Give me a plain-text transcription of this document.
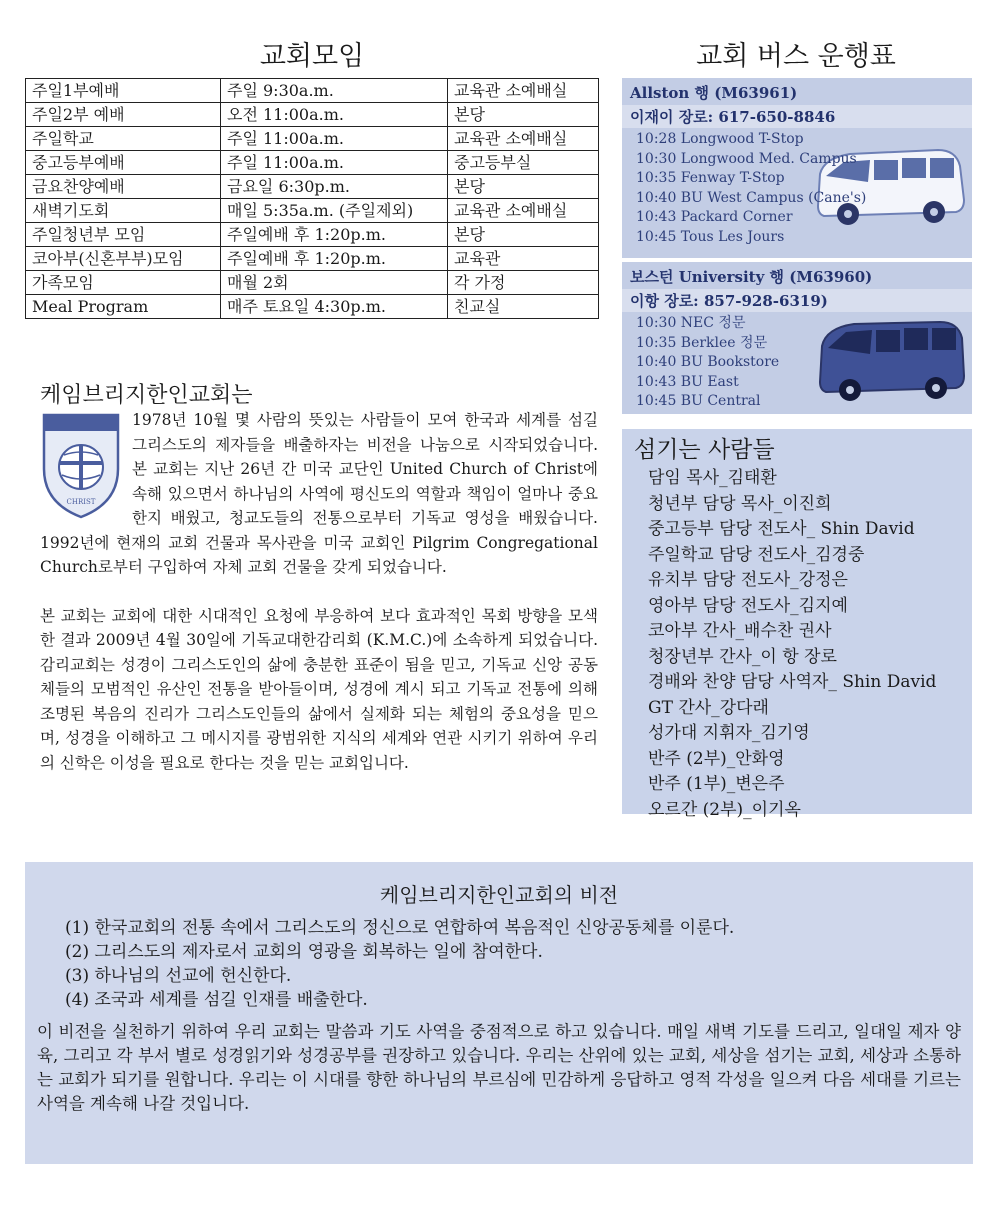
교회모임
주일1부예배	주일 9:30a.m.	교육관 소예배실
주일2부 예배	오전 11:00a.m.	본당
주일학교	주일 11:00a.m.	교육관 소예배실
중고등부예배	주일 11:00a.m.	중고등부실
금요찬양예배	금요일 6:30p.m.	본당
새벽기도회	매일 5:35a.m. (주일제외)	교육관 소예배실
주일청년부 모임	주일예배 후 1:20p.m.	본당
코아부(신혼부부)모임	주일예배 후 1:20p.m.	교육관
가족모임	매월 2회	각 가정
Meal Program	매주 토요일 4:30p.m.	친교실
교회 버스 운행표

Allston 행 (M63961)

이재이 장로: 617-650-8846

10:28 Longwood T-Stop
10:30 Longwood Med. Campus
10:35 Fenway T-Stop
10:40 BU West Campus (Cane's)
10:43 Packard Corner
10:45 Tous Les Jours

보스턴 University 행 (M63960)

이항 장로: 857-928-6319)

10:30 NEC 정문
10:35 Berklee 정문
10:40 BU Bookstore
10:43 BU East
10:45 BU Central
섬기는 사람들
담임 목사_김태환
청년부 담당 목사_이진희
중고등부 담당 전도사_ Shin David
주일학교 담당 전도사_김경중
유치부 담당 전도사_강정은
영아부 담당 전도사_김지예
코아부 간사_배수찬 권사
청장년부 간사_이 항 장로
경배와 찬양 담당 사역자_ Shin David
GT 간사_강다래
성가대 지휘자_김기영
반주 (2부)_안화영
반주 (1부)_변은주
오르간 (2부)_이기옥
케임브리지한인교회는
CHRIST

1978년 10월 몇 사람의 뜻있는 사람들이 모여 한국과 세계를 섬길 그리스도의 제자들을 배출하자는 비전을 나눔으로 시작되었습니다. 본 교회는 지난 26년 간 미국 교단인 United Church of Christ에 속해 있으면서 하나님의 사역에 평신도의 역할과 책임이 얼마나 중요한지 배웠고, 청교도들의 전통으로부터 기독교 영성을 배웠습니다. 1992년에 현재의 교회 건물과 목사관을 미국 교회인 Pilgrim Congregational Church로부터 구입하여 자체 교회 건물을 갖게 되었습니다.

본 교회는 교회에 대한 시대적인 요청에 부응하여 보다 효과적인 목회 방향을 모색한 결과 2009년 4월 30일에 기독교대한감리회 (K.M.C.)에 소속하게 되었습니다. 감리교회는 성경이 그리스도인의 삶에 충분한 표준이 됨을 믿고, 기독교 신앙 공동체들의 모범적인 유산인 전통을 받아들이며, 성경에 계시 되고 기독교 전통에 의해 조명된 복음의 진리가 그리스도인들의 삶에서 실제화 되는 체험의 중요성을 믿으며, 성경을 이해하고 그 메시지를 광범위한 지식의 세계와 연관 시키기 위하여 우리의 신학은 이성을 필요로 한다는 것을 믿는 교회입니다.

케임브리지한인교회의 비전
(1) 한국교회의 전통 속에서 그리스도의 정신으로 연합하여 복음적인 신앙공동체를 이룬다.
(2) 그리스도의 제자로서 교회의 영광을 회복하는 일에 참여한다.
(3) 하나님의 선교에 헌신한다.
(4) 조국과 세계를 섬길 인재를 배출한다.

이 비전을 실천하기 위하여 우리 교회는 말씀과 기도 사역을 중점적으로 하고 있습니다. 매일 새벽 기도를 드리고, 일대일 제자 양육, 그리고 각 부서 별로 성경읽기와 성경공부를 권장하고 있습니다. 우리는 산위에 있는 교회, 세상을 섬기는 교회, 세상과 소통하는 교회가 되기를 원합니다. 우리는 이 시대를 향한 하나님의 부르심에 민감하게 응답하고 영적 각성을 일으켜 다음 세대를 기르는 사역을 계속해 나갈 것입니다.
